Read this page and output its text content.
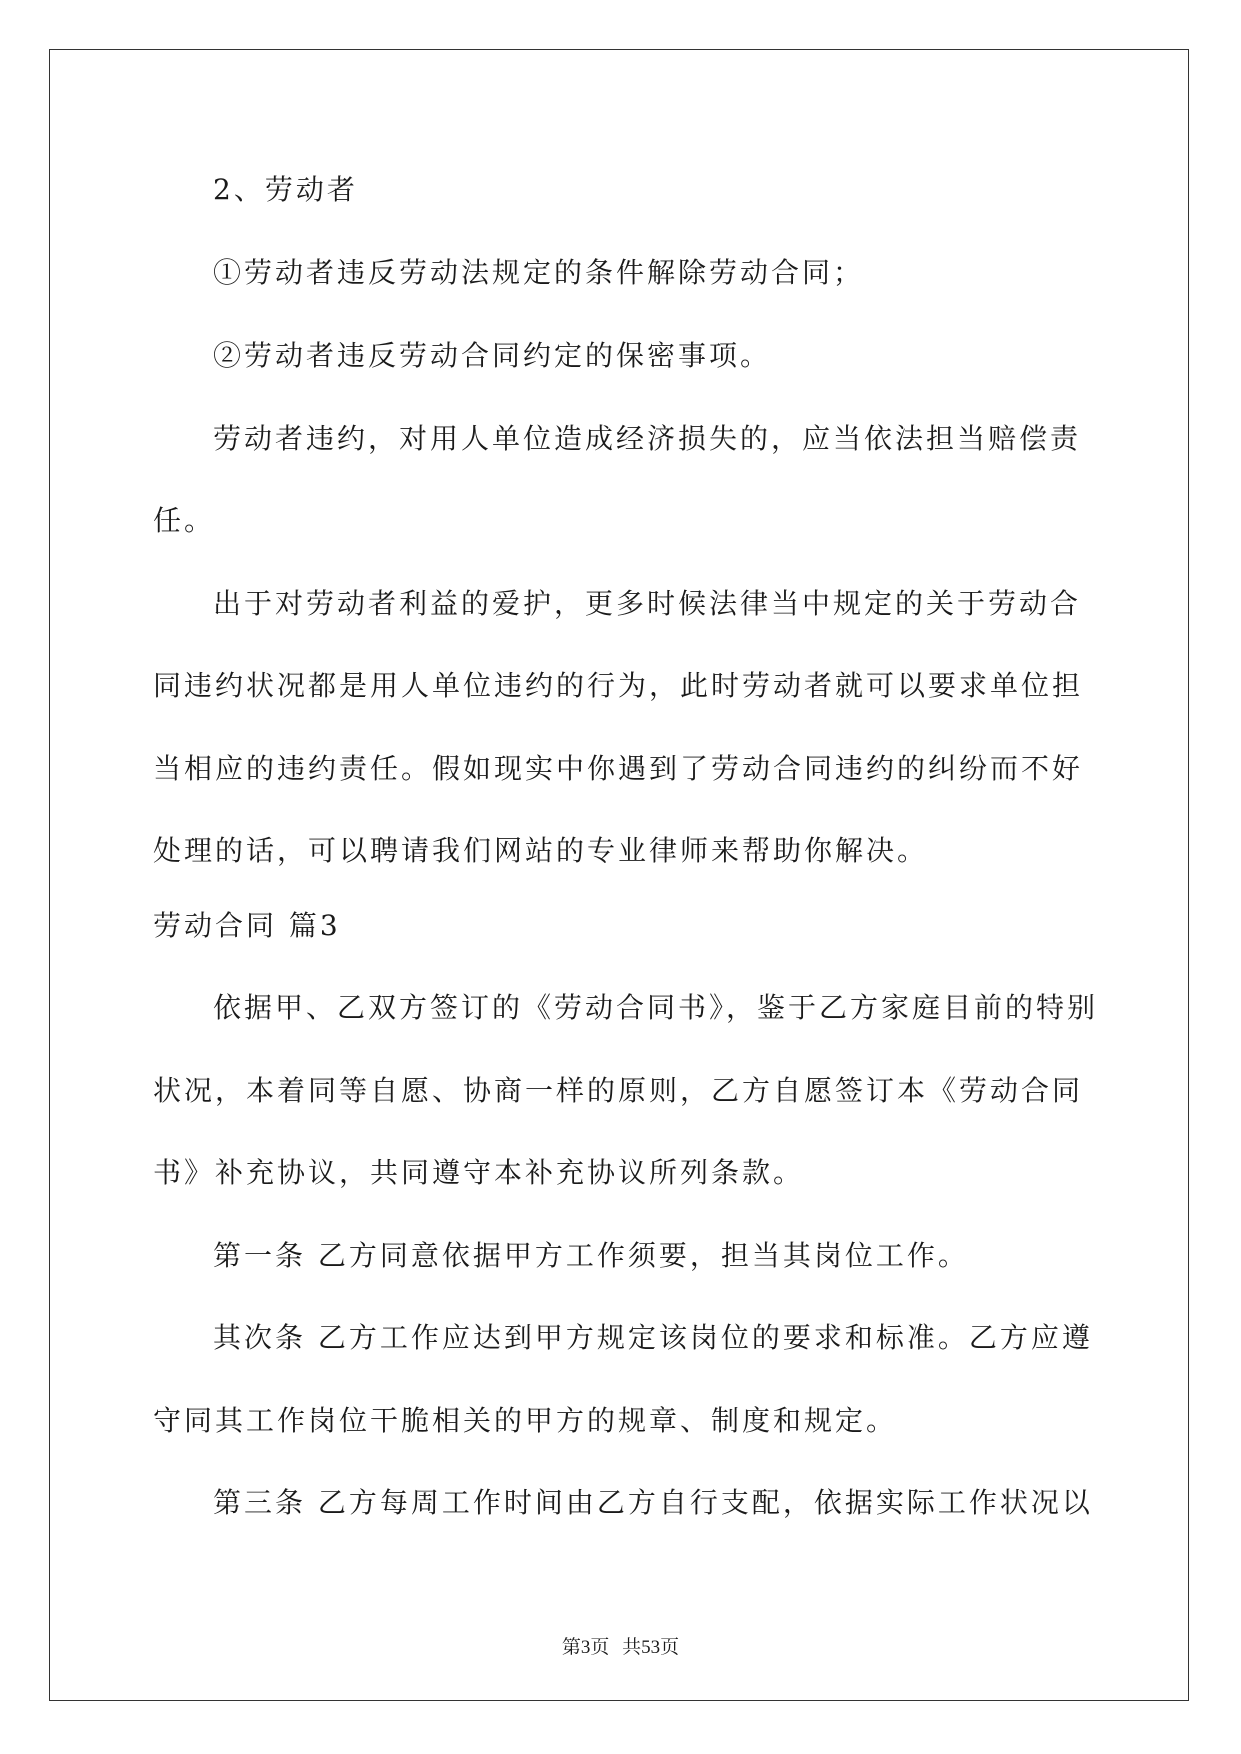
2、劳动者
①劳动者违反劳动法规定的条件解除劳动合同；
②劳动者违反劳动合同约定的保密事项。
劳动者违约，对用人单位造成经济损失的，应当依法担当赔偿责
任。
出于对劳动者利益的爱护，更多时候法律当中规定的关于劳动合
同违约状况都是用人单位违约的行为，此时劳动者就可以要求单位担
当相应的违约责任。假如现实中你遇到了劳动合同违约的纠纷而不好
处理的话，可以聘请我们网站的专业律师来帮助你解决。
劳动合同 篇3
依据甲、乙双方签订的《劳动合同书》，鉴于乙方家庭目前的特别
状况，本着同等自愿、协商一样的原则，乙方自愿签订本《劳动合同
书》补充协议，共同遵守本补充协议所列条款。
第一条 乙方同意依据甲方工作须要，担当其岗位工作。
其次条 乙方工作应达到甲方规定该岗位的要求和标准。乙方应遵
守同其工作岗位干脆相关的甲方的规章、制度和规定。
第三条 乙方每周工作时间由乙方自行支配，依据实际工作状况以
第3页 共53页
